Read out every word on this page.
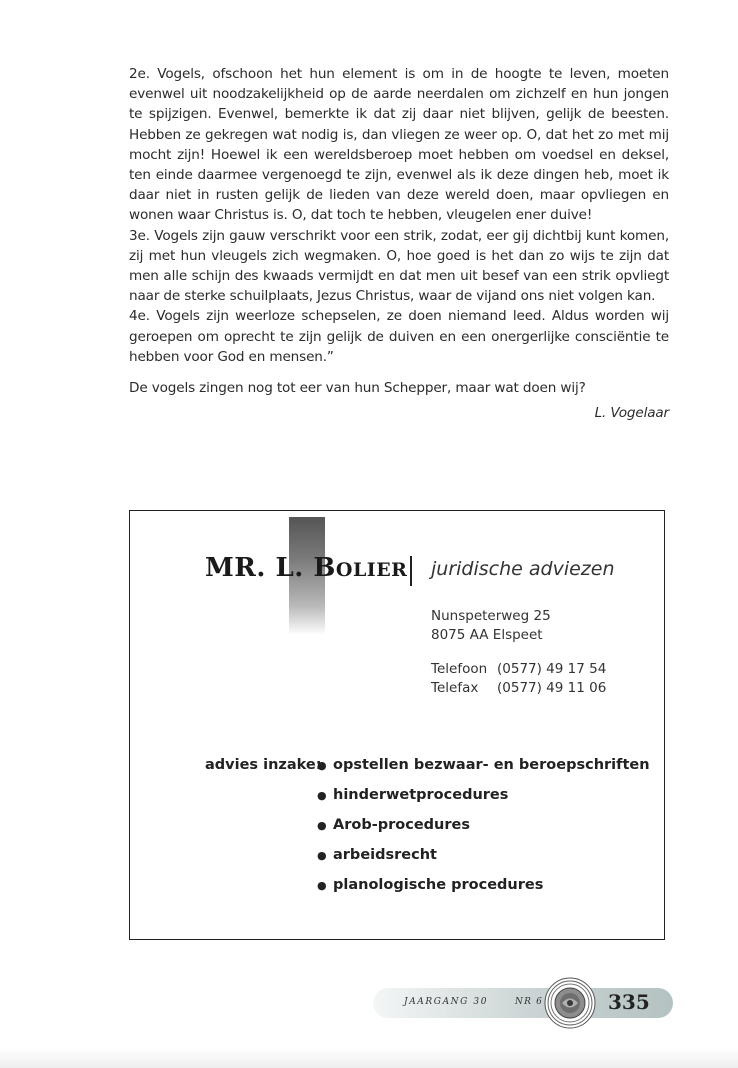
2e. Vogels, ofschoon het hun element is om in de hoogte te leven, moeten evenwel uit noodzakelijkheid op de aarde neerdalen om zichzelf en hun jongen te spijzigen. Evenwel, bemerkte ik dat zij daar niet blijven, gelijk de beesten. Hebben ze gekregen wat nodig is, dan vliegen ze weer op. O, dat het zo met mij mocht zijn! Hoewel ik een wereldsberoep moet hebben om voedsel en deksel, ten einde daarmee vergenoegd te zijn, evenwel als ik deze dingen heb, moet ik daar niet in rusten gelijk de lieden van deze wereld doen, maar opvliegen en wonen waar Christus is. O, dat toch te hebben, vleugelen ener duive!

3e. Vogels zijn gauw verschrikt voor een strik, zodat, eer gij dichtbij kunt komen, zij met hun vleugels zich wegmaken. O, hoe goed is het dan zo wijs te zijn dat men alle schijn des kwaads vermijdt en dat men uit besef van een strik opvliegt naar de sterke schuilplaats, Jezus Christus, waar de vijand ons niet volgen kan.

4e. Vogels zijn weerloze schepselen, ze doen niemand leed. Aldus worden wij geroepen om oprecht te zijn gelijk de duiven en een onergerlijke consciëntie te hebben voor God en mensen.”

De vogels zingen nog tot eer van hun Schepper, maar wat doen wij?

L. Vogelaar
MR. L. BOLIER juridische adviezen
Nunspeterweg 25
8075 AA Elspeet
Telefoon (0577) 49 17 54
Telefax (0577) 49 11 06
advies inzake:
● opstellen bezwaar- en beroepschriften
● hinderwetprocedures
● Arob-procedures
● arbeidsrecht
● planologische procedures
JAARGANG 30	NR 6	335
